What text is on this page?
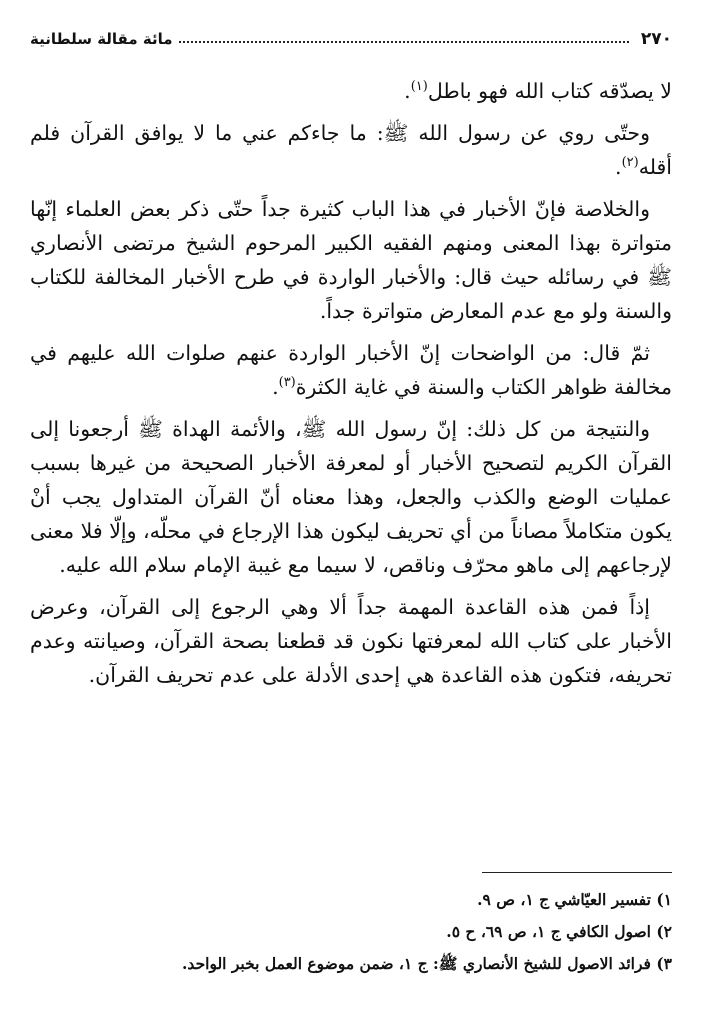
٢٧٠
مائة مقالة سلطانية

لا يصدّقه كتاب الله فهو باطل$^{(١)}$.

وحتّى روي عن رسول الله ﷺ: ما جاءكم عني ما لا يوافق القرآن فلم أقله$^{(٢)}$.

والخلاصة فإنّ الأخبار في هذا الباب كثيرة جداً حتّى ذكر بعض العلماء إنّها متواترة بهذا المعنى ومنهم الفقيه الكبير المرحوم الشيخ مرتضى الأنصاري ﷺ في رسائله حيث قال: والأخبار الواردة في طرح الأخبار المخالفة للكتاب والسنة ولو مع عدم المعارض متواترة جداً.

ثمّ قال: من الواضحات إنّ الأخبار الواردة عنهم صلوات الله عليهم في مخالفة ظواهر الكتاب والسنة في غاية الكثرة$^{(٣)}$.

والنتيجة من كل ذلك: إنّ رسول الله ﷺ، والأئمة الهداة ﷺ أرجعونا إلى القرآن الكريم لتصحيح الأخبار أو لمعرفة الأخبار الصحيحة من غيرها بسبب عمليات الوضع والكذب والجعل، وهذا معناه أنّ القرآن المتداول يجب أنْ يكون متكاملاً مصاناً من أي تحريف ليكون هذا الإرجاع في محلّه، وإلّا فلا معنى لإرجاعهم إلى ماهو محرّف وناقص، لا سيما مع غيبة الإمام سلام الله عليه.

إذاً فمن هذه القاعدة المهمة جداً ألا وهي الرجوع إلى القرآن، وعرض الأخبار على كتاب الله لمعرفتها نكون قد قطعنا بصحة القرآن، وصيانته وعدم تحريفه، فتكون هذه القاعدة هي إحدى الأدلة على عدم تحريف القرآن.

١) تفسير العيّاشي ج ١، ص ٩.
٢) اصول الكافي ج ١، ص ٦٩، ح ٥.
٣) فرائد الاصول للشيخ الأنصاري ﷺ: ج ١، ضمن موضوع العمل بخبر الواحد.
